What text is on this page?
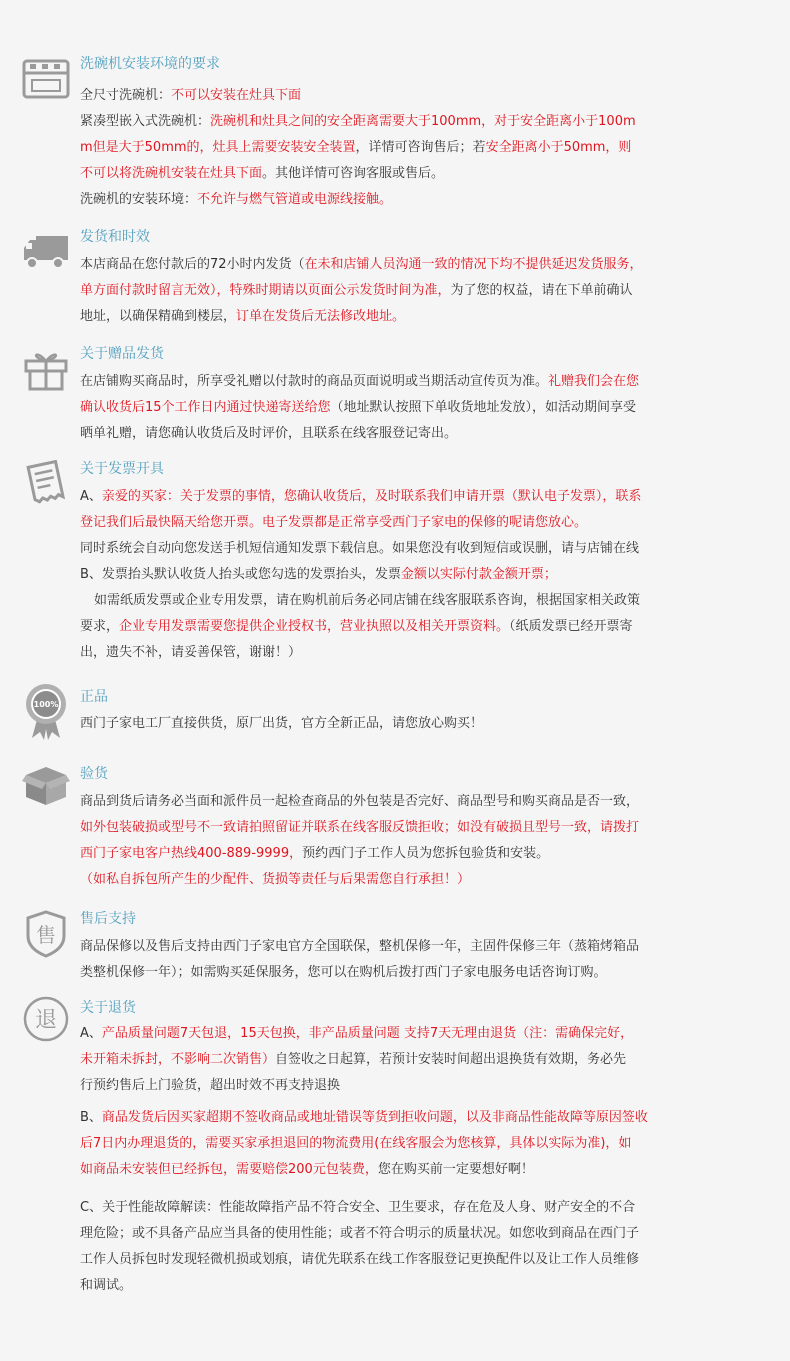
洗碗机安装环境的要求
全尺寸洗碗机：不可以安装在灶具下面
紧凑型嵌入式洗碗机：洗碗机和灶具之间的安全距离需要大于100mm，对于安全距离小于100m
m但是大于50mm的，灶具上需要安装安全装置，详情可咨询售后；若安全距离小于50mm，则
不可以将洗碗机安装在灶具下面。其他详情可咨询客服或售后。
洗碗机的安装环境：不允许与燃气管道或电源线接触。
发货和时效
本店商品在您付款后的72小时内发货（在未和店铺人员沟通一致的情况下均不提供延迟发货服务，
单方面付款时留言无效），特殊时期请以页面公示发货时间为准，为了您的权益，请在下单前确认
地址，以确保精确到楼层，订单在发货后无法修改地址。
关于赠品发货
在店铺购买商品时，所享受礼赠以付款时的商品页面说明或当期活动宣传页为准。礼赠我们会在您
确认收货后15个工作日内通过快递寄送给您（地址默认按照下单收货地址发放），如活动期间享受
晒单礼赠，请您确认收货后及时评价，且联系在线客服登记寄出。
关于发票开具
A、亲爱的买家：关于发票的事情，您确认收货后，及时联系我们申请开票（默认电子发票），联系
登记我们后最快隔天给您开票。电子发票都是正常享受西门子家电的保修的呢请您放心。
同时系统会自动向您发送手机短信通知发票下载信息。如果您没有收到短信或误删，请与店铺在线
B、发票抬头默认收货人抬头或您勾选的发票抬头，发票金额以实际付款金额开票；
如需纸质发票或企业专用发票，请在购机前后务必同店铺在线客服联系咨询，根据国家相关政策
要求，企业专用发票需要您提供企业授权书，营业执照以及相关开票资料。（纸质发票已经开票寄
出，遗失不补，请妥善保管，谢谢！）
100% 正品
西门子家电工厂直接供货，原厂出货，官方全新正品，请您放心购买！
验货
商品到货后请务必当面和派件员一起检查商品的外包装是否完好、商品型号和购买商品是否一致，
如外包装破损或型号不一致请拍照留证并联系在线客服反馈拒收；如没有破损且型号一致，请拨打
西门子家电客户热线400-889-9999，预约西门子工作人员为您拆包验货和安装。
（如私自拆包所产生的少配件、货损等责任与后果需您自行承担！）
售
售后支持
商品保修以及售后支持由西门子家电官方全国联保，整机保修一年，主固件保修三年（蒸箱烤箱品
类整机保修一年）；如需购买延保服务，您可以在购机后拨打西门子家电服务电话咨询订购。
退 关于退货
A、产品质量问题7天包退，15天包换，非产品质量问题 支持7天无理由退货（注：需确保完好，
未开箱未拆封，不影响二次销售）自签收之日起算，若预计安装时间超出退换货有效期，务必先
行预约售后上门验货，超出时效不再支持退换
B、商品发货后因买家超期不签收商品或地址错误等货到拒收问题，以及非商品性能故障等原因签收
后7日内办理退货的，需要买家承担退回的物流费用(在线客服会为您核算，具体以实际为准)，如
如商品未安装但已经拆包，需要赔偿200元包装费，您在购买前一定要想好啊！
C、关于性能故障解读：性能故障指产品不符合安全、卫生要求，存在危及人身、财产安全的不合
理危险；或不具备产品应当具备的使用性能；或者不符合明示的质量状况。如您收到商品在西门子
工作人员拆包时发现轻微机损或划痕，请优先联系在线工作客服登记更换配件以及让工作人员维修
和调试。
